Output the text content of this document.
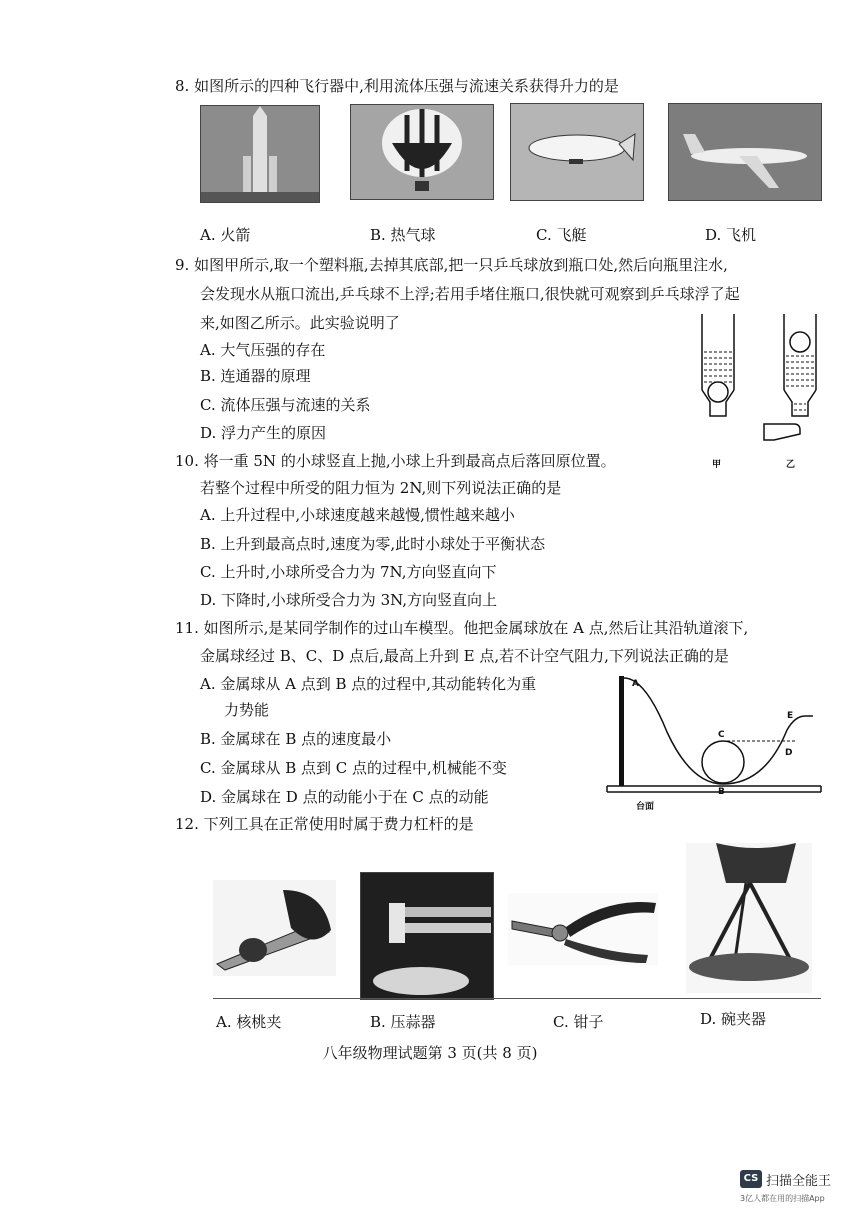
8. 如图所示的四种飞行器中,利用流体压强与流速关系获得升力的是
A. 火箭	B. 热气球	C. 飞艇	D. 飞机
9. 如图甲所示,取一个塑料瓶,去掉其底部,把一只乒乓球放到瓶口处,然后向瓶里注水,
会发现水从瓶口流出,乒乓球不上浮;若用手堵住瓶口,很快就可观察到乒乓球浮了起
来,如图乙所示。此实验说明了
A. 大气压强的存在
B. 连通器的原理
C. 流体压强与流速的关系
D. 浮力产生的原因
甲	乙
10. 将一重 5N 的小球竖直上抛,小球上升到最高点后落回原位置。
若整个过程中所受的阻力恒为 2N,则下列说法正确的是
A. 上升过程中,小球速度越来越慢,惯性越来越小
B. 上升到最高点时,速度为零,此时小球处于平衡状态
C. 上升时,小球所受合力为 7N,方向竖直向下
D. 下降时,小球所受合力为 3N,方向竖直向上
11. 如图所示,是某同学制作的过山车模型。他把金属球放在 A 点,然后让其沿轨道滚下,
金属球经过 B、C、D 点后,最高上升到 E 点,若不计空气阻力,下列说法正确的是
A. 金属球从 A 点到 B 点的过程中,其动能转化为重
力势能
B. 金属球在 B 点的速度最小
C. 金属球从 B 点到 C 点的过程中,机械能不变
D. 金属球在 D 点的动能小于在 C 点的动能
A
C
E
D
B
台面
12. 下列工具在正常使用时属于费力杠杆的是
A. 核桃夹	B. 压蒜器	C. 钳子	D. 碗夹器
八年级物理试题第 3 页(共 8 页)
CS 扫描全能王
3亿人都在用的扫描App
